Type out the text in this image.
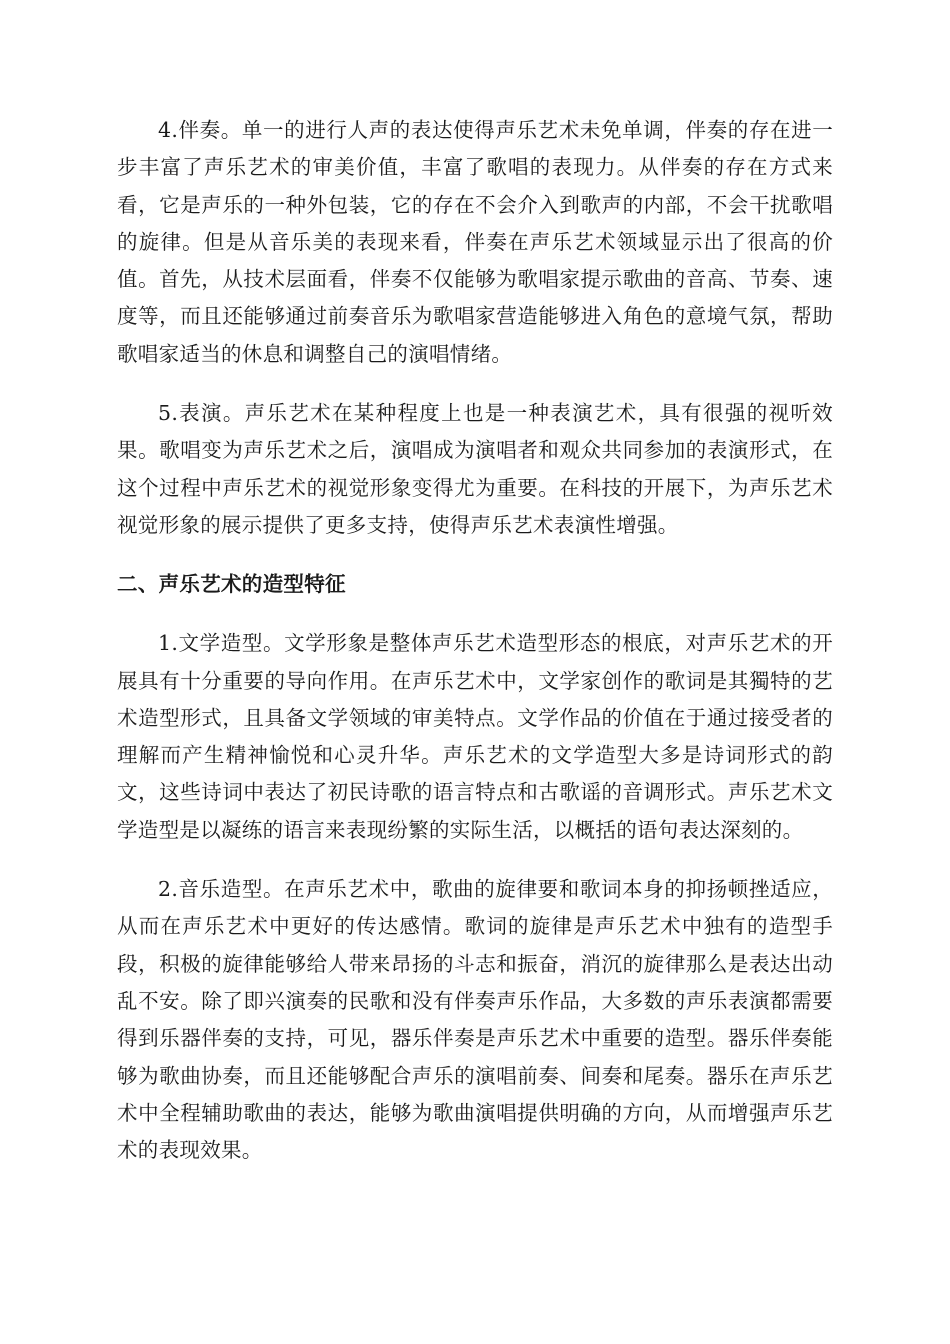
4.伴奏。单一的进行人声的表达使得声乐艺术未免单调，伴奏的存在进一步丰富了声乐艺术的审美价值，丰富了歌唱的表现力。从伴奏的存在方式来看，它是声乐的一种外包装，它的存在不会介入到歌声的内部，不会干扰歌唱的旋律。但是从音乐美的表现来看，伴奏在声乐艺术领域显示出了很高的价值。首先，从技术层面看，伴奏不仅能够为歌唱家提示歌曲的音高、节奏、速度等，而且还能够通过前奏音乐为歌唱家营造能够进入角色的意境气氛，帮助歌唱家适当的休息和调整自己的演唱情绪。

5.表演。声乐艺术在某种程度上也是一种表演艺术，具有很强的视听效果。歌唱变为声乐艺术之后，演唱成为演唱者和观众共同参加的表演形式，在这个过程中声乐艺术的视觉形象变得尤为重要。在科技的开展下，为声乐艺术视觉形象的展示提供了更多支持，使得声乐艺术表演性增强。

二、声乐艺术的造型特征

1.文学造型。文学形象是整体声乐艺术造型形态的根底，对声乐艺术的开展具有十分重要的导向作用。在声乐艺术中，文学家创作的歌词是其獨特的艺术造型形式，且具备文学领域的审美特点。文学作品的价值在于通过接受者的理解而产生精神愉悦和心灵升华。声乐艺术的文学造型大多是诗词形式的韵文，这些诗词中表达了初民诗歌的语言特点和古歌谣的音调形式。声乐艺术文学造型是以凝练的语言来表现纷繁的实际生活，以概括的语句表达深刻的。

2.音乐造型。在声乐艺术中，歌曲的旋律要和歌词本身的抑扬顿挫适应，从而在声乐艺术中更好的传达感情。歌词的旋律是声乐艺术中独有的造型手段，积极的旋律能够给人带来昂扬的斗志和振奋，消沉的旋律那么是表达出动乱不安。除了即兴演奏的民歌和没有伴奏声乐作品，大多数的声乐表演都需要得到乐器伴奏的支持，可见，器乐伴奏是声乐艺术中重要的造型。器乐伴奏能够为歌曲协奏，而且还能够配合声乐的演唱前奏、间奏和尾奏。器乐在声乐艺术中全程辅助歌曲的表达，能够为歌曲演唱提供明确的方向，从而增强声乐艺术的表现效果。
